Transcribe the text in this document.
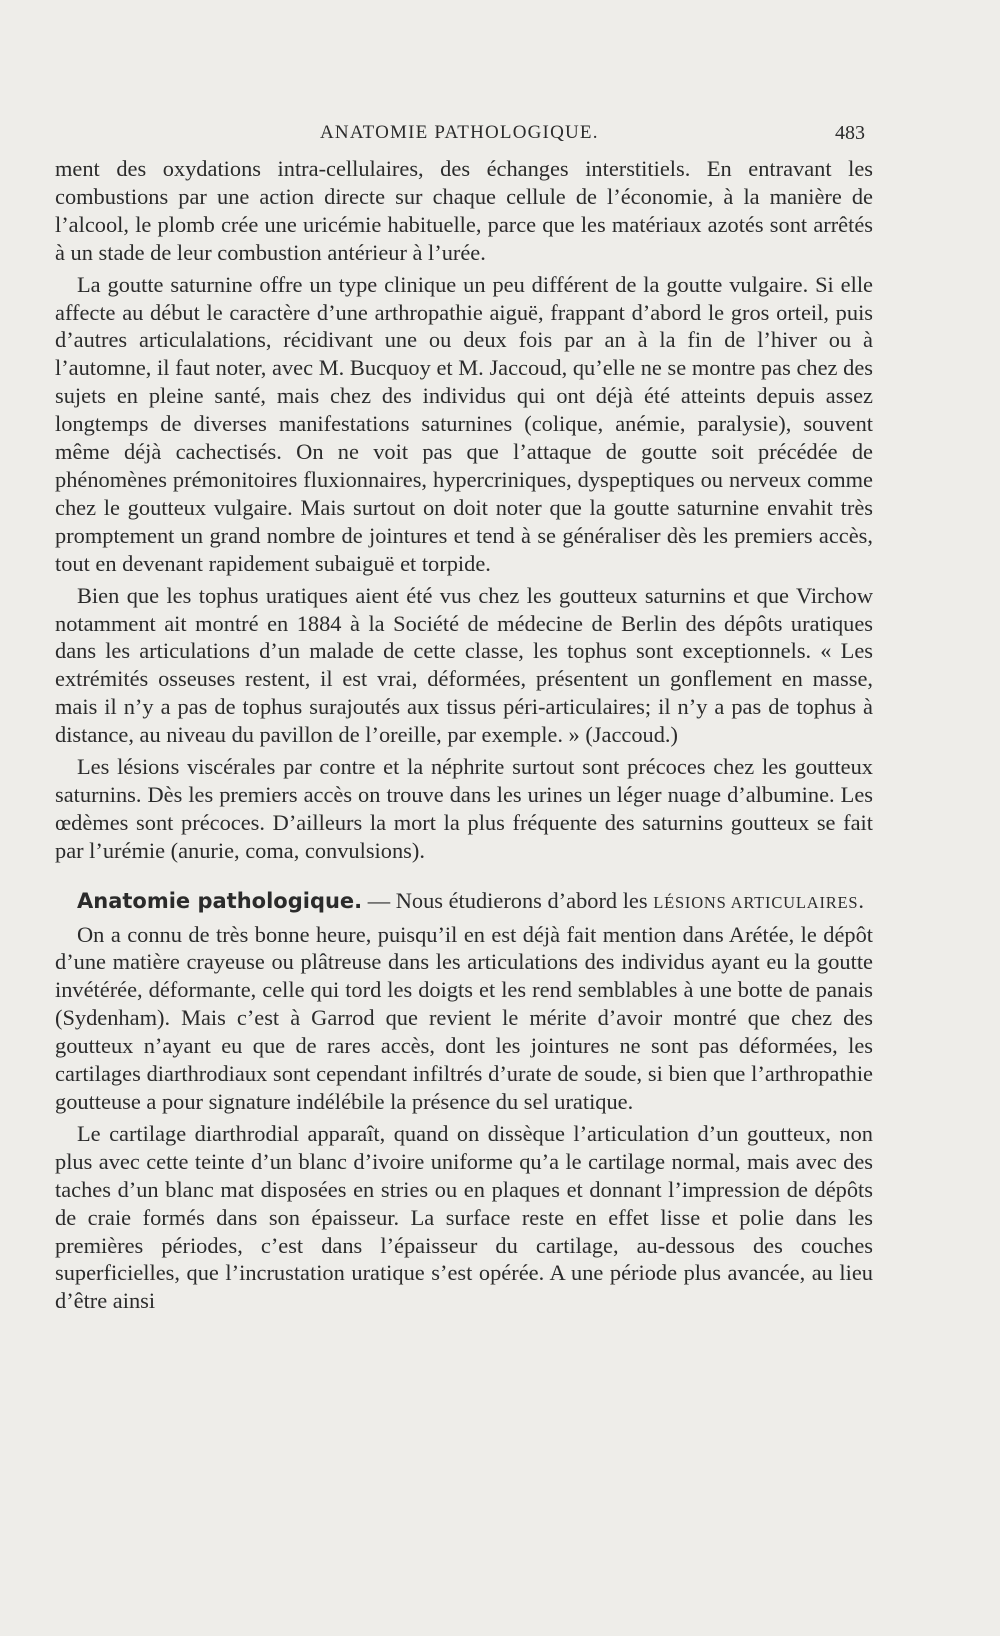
ANATOMIE PATHOLOGIQUE.	483

ment des oxydations intra-cellulaires, des échanges interstitiels. En entravant les combustions par une action directe sur chaque cellule de l’économie, à la manière de l’alcool, le plomb crée une uricémie habituelle, parce que les matériaux azotés sont arrêtés à un stade de leur combustion antérieur à l’urée.

La goutte saturnine offre un type clinique un peu différent de la goutte vulgaire. Si elle affecte au début le caractère d’une arthropathie aiguë, frappant d’abord le gros orteil, puis d’autres articulalations, récidivant une ou deux fois par an à la fin de l’hiver ou à l’automne, il faut noter, avec M. Bucquoy et M. Jaccoud, qu’elle ne se montre pas chez des sujets en pleine santé, mais chez des individus qui ont déjà été atteints depuis assez longtemps de diverses manifestations saturnines (colique, anémie, paralysie), souvent même déjà cachectisés. On ne voit pas que l’attaque de goutte soit précédée de phénomènes prémonitoires fluxionnaires, hypercriniques, dyspeptiques ou nerveux comme chez le goutteux vulgaire. Mais surtout on doit noter que la goutte saturnine envahit très promptement un grand nombre de jointures et tend à se généraliser dès les premiers accès, tout en devenant rapidement subaiguë et torpide.

Bien que les tophus uratiques aient été vus chez les goutteux saturnins et que Virchow notamment ait montré en 1884 à la Société de médecine de Berlin des dépôts uratiques dans les articulations d’un malade de cette classe, les tophus sont exceptionnels. « Les extrémités osseuses restent, il est vrai, déformées, présentent un gonflement en masse, mais il n’y a pas de tophus surajoutés aux tissus péri-articulaires; il n’y a pas de tophus à distance, au niveau du pavillon de l’oreille, par exemple. » (Jaccoud.)

Les lésions viscérales par contre et la néphrite surtout sont précoces chez les goutteux saturnins. Dès les premiers accès on trouve dans les urines un léger nuage d’albumine. Les œdèmes sont précoces. D’ailleurs la mort la plus fréquente des saturnins goutteux se fait par l’urémie (anurie, coma, convulsions).

Anatomie pathologique. — Nous étudierons d’abord les LÉSIONS ARTICULAIRES.

On a connu de très bonne heure, puisqu’il en est déjà fait mention dans Arétée, le dépôt d’une matière crayeuse ou plâtreuse dans les articulations des individus ayant eu la goutte invétérée, déformante, celle qui tord les doigts et les rend semblables à une botte de panais (Sydenham). Mais c’est à Garrod que revient le mérite d’avoir montré que chez des goutteux n’ayant eu que de rares accès, dont les jointures ne sont pas déformées, les cartilages diarthrodiaux sont cependant infiltrés d’urate de soude, si bien que l’arthropathie goutteuse a pour signature indélébile la présence du sel uratique.

Le cartilage diarthrodial apparaît, quand on dissèque l’articulation d’un goutteux, non plus avec cette teinte d’un blanc d’ivoire uniforme qu’a le cartilage normal, mais avec des taches d’un blanc mat disposées en stries ou en plaques et donnant l’impression de dépôts de craie formés dans son épaisseur. La surface reste en effet lisse et polie dans les premières périodes, c’est dans l’épaisseur du cartilage, au-dessous des couches superficielles, que l’incrustation uratique s’est opérée. A une période plus avancée, au lieu d’être ainsi
